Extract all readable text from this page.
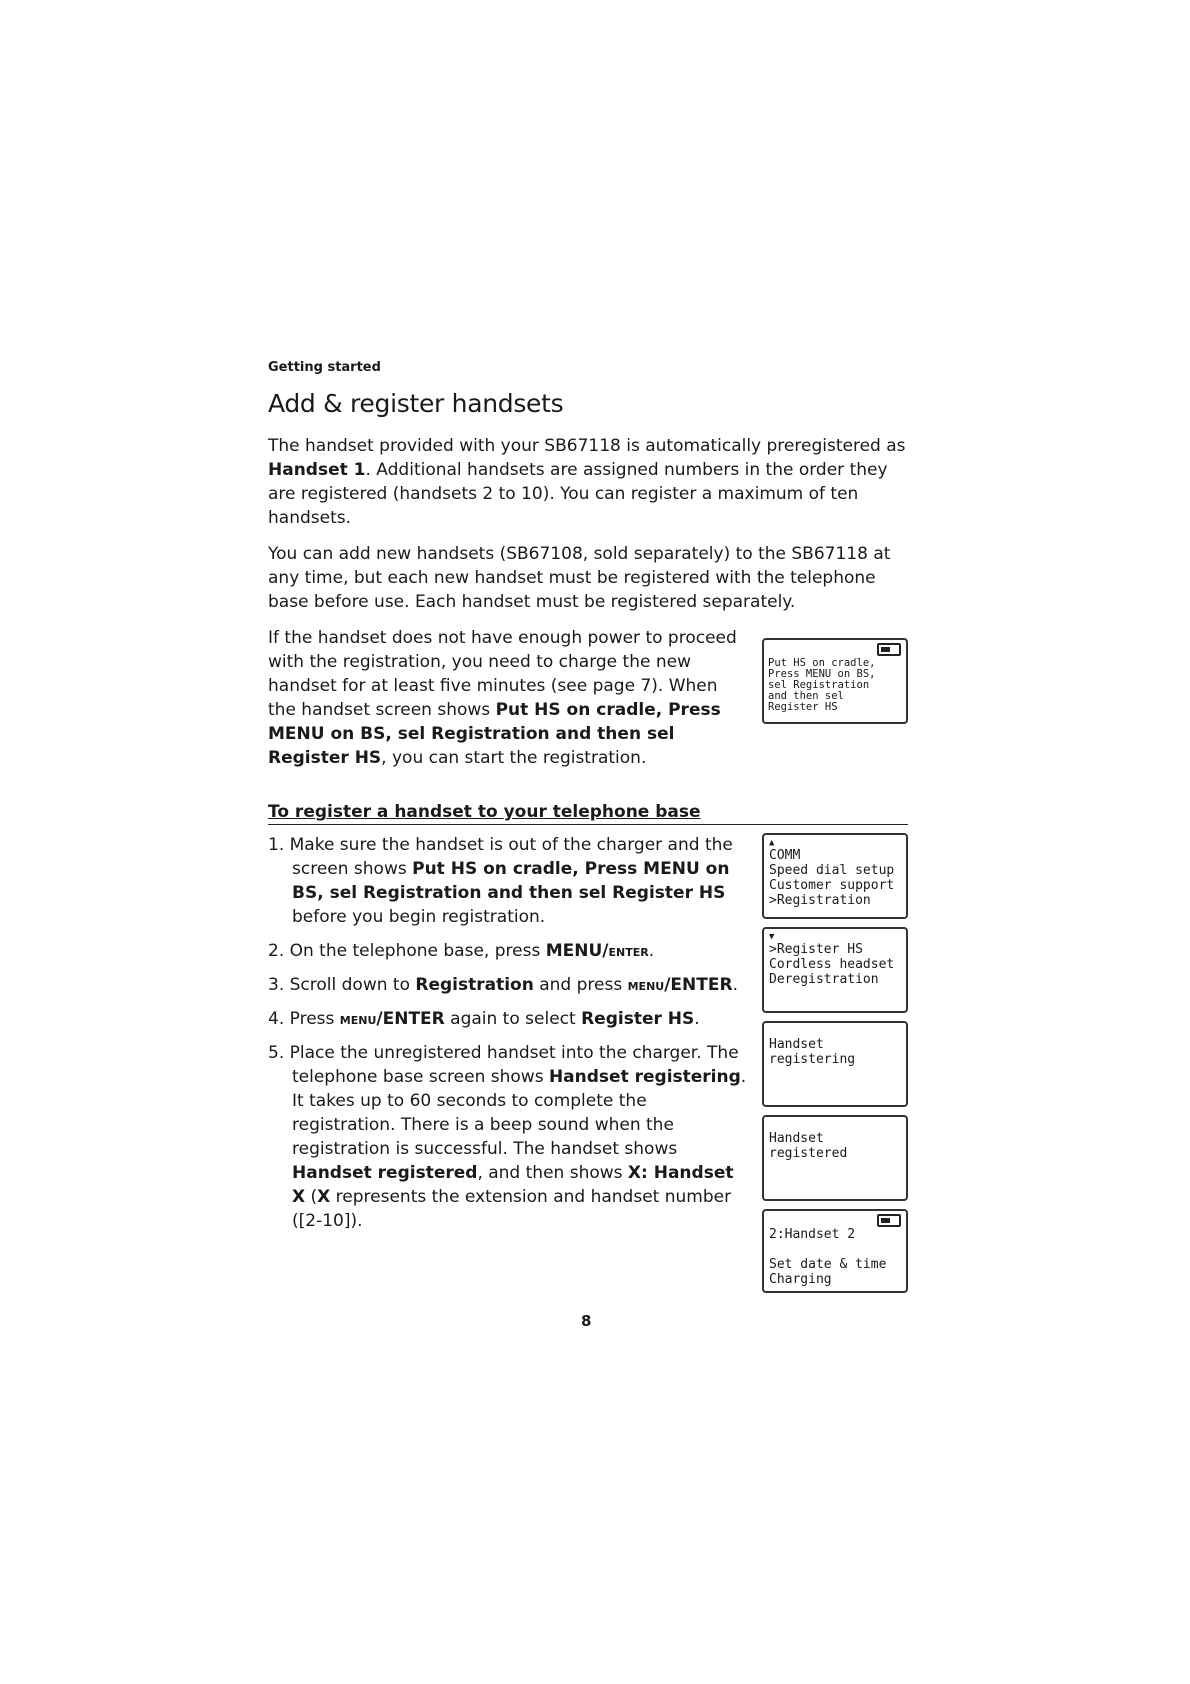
Getting started
Add & register handsets

The handset provided with your SB67118 is automatically preregistered as Handset 1. Additional handsets are assigned numbers in the order they are registered (handsets 2 to 10). You can register a maximum of ten handsets.

You can add new handsets (SB67108, sold separately) to the SB67118 at any time, but each new handset must be registered with the telephone base before use. Each handset must be registered separately.

If the handset does not have enough power to proceed with the registration, you need to charge the new handset for at least five minutes (see page 7). When the handset screen shows Put HS on cradle, Press MENU on BS, sel Registration and then sel Register HS, you can start the registration.

Put HS on cradle,
Press MENU on BS,
sel Registration
and then sel
Register HS
To register a handset to your telephone base

1. Make sure the handset is out of the charger and the screen shows Put HS on cradle, Press MENU on BS, sel Registration and then sel Register HS before you begin registration.

2. On the telephone base, press MENU/enter.

3. Scroll down to Registration and press menu/ENTER.

4. Press menu/ENTER again to select Register HS.

5. Place the unregistered handset into the charger. The telephone base screen shows Handset registering. It takes up to 60 seconds to complete the registration. There is a beep sound when the registration is successful. The handset shows Handset registered, and then shows X: Handset X (X represents the extension and handset number ([2-10]).

▲
COMM
Speed dial setup
Customer support
>Registration
▼
>Register HS
Cordless headset
Deregistration
Handset
registering
Handset
registered
2:Handset 2
Set date & time
Charging
8
